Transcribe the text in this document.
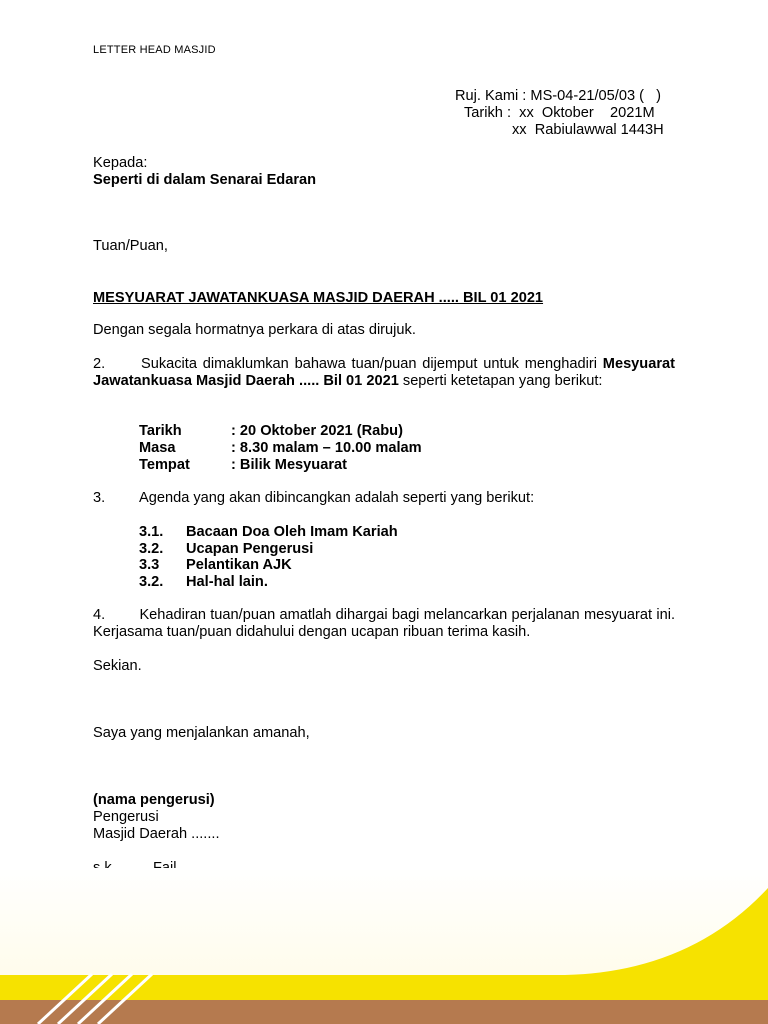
LETTER HEAD MASJID
Ruj. Kami : MS-04-21/05/03 (   )
Tarikh :  xx  Oktober    2021M
xx  Rabiulawwal 1443H
Kepada:
Seperti di dalam Senarai Edaran
Tuan/Puan,
MESYUARAT JAWATANKUASA MASJID DAERAH ..... BIL 01 2021
Dengan segala hormatnya perkara di atas dirujuk.
2. Sukacita dimaklumkan bahawa tuan/puan dijemput untuk menghadiri Mesyuarat Jawatankuasa Masjid Daerah ..... Bil 01 2021 seperti ketetapan yang berikut:
Tarikh	: 20 Oktober 2021 (Rabu)
Masa	: 8.30 malam – 10.00 malam
Tempat	: Bilik Mesyuarat
3. Agenda yang akan dibincangkan adalah seperti yang berikut:
3.1. Bacaan Doa Oleh Imam Kariah
3.2. Ucapan Pengerusi
3.3 Pelantikan AJK
3.2. Hal-hal lain.
4. Kehadiran tuan/puan amatlah dihargai bagi melancarkan perjalanan mesyuarat ini. Kerjasama tuan/puan didahului dengan ucapan ribuan terima kasih.
Sekian.
Saya yang menjalankan amanah,
(nama pengerusi)
Pengerusi
Masjid Daerah .......
